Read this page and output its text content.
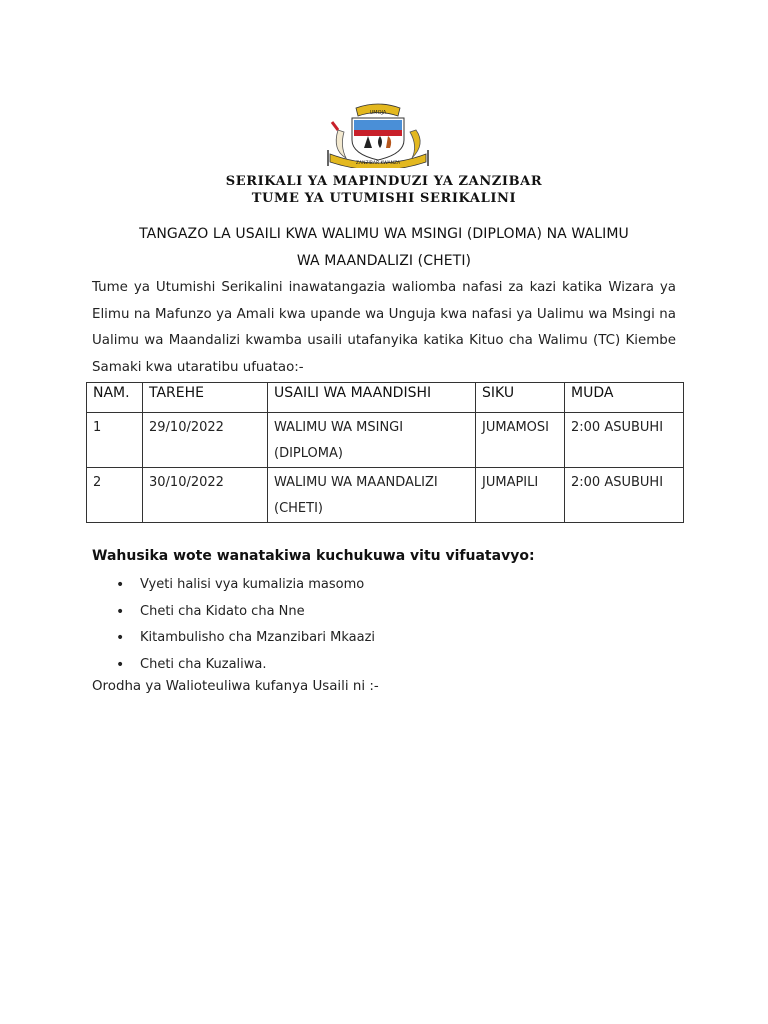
UMOJA
ZANZIBAR KWANZA
SERIKALI YA MAPINDUZI YA ZANZIBAR
TUME YA UTUMISHI SERIKALINI
TANGAZO LA USAILI KWA WALIMU WA MSINGI (DIPLOMA) NA WALIMU
WA MAANDALIZI (CHETI)

Tume ya Utumishi Serikalini inawatangazia waliomba nafasi za kazi katika Wizara ya Elimu na Mafunzo ya Amali kwa upande wa Unguja kwa nafasi ya Ualimu wa Msingi na Ualimu wa Maandalizi kwamba usaili utafanyika katika Kituo cha Walimu (TC) Kiembe Samaki kwa utaratibu ufuatao:-

NAM.	TAREHE	USAILI WA MAANDISHI	SIKU	MUDA
1	29/10/2022	WALIMU WA MSINGI (DIPLOMA)	JUMAMOSI	2:00 ASUBUHI
2	30/10/2022	WALIMU WA MAANDALIZI (CHETI)	JUMAPILI	2:00 ASUBUHI
Wahusika wote wanatakiwa kuchukuwa vitu vifuatavyo:
• Vyeti halisi vya kumalizia masomo
• Cheti cha Kidato cha Nne
• Kitambulisho cha Mzanzibari Mkaazi
• Cheti cha Kuzaliwa.
Orodha ya Walioteuliwa kufanya Usaili ni :-
